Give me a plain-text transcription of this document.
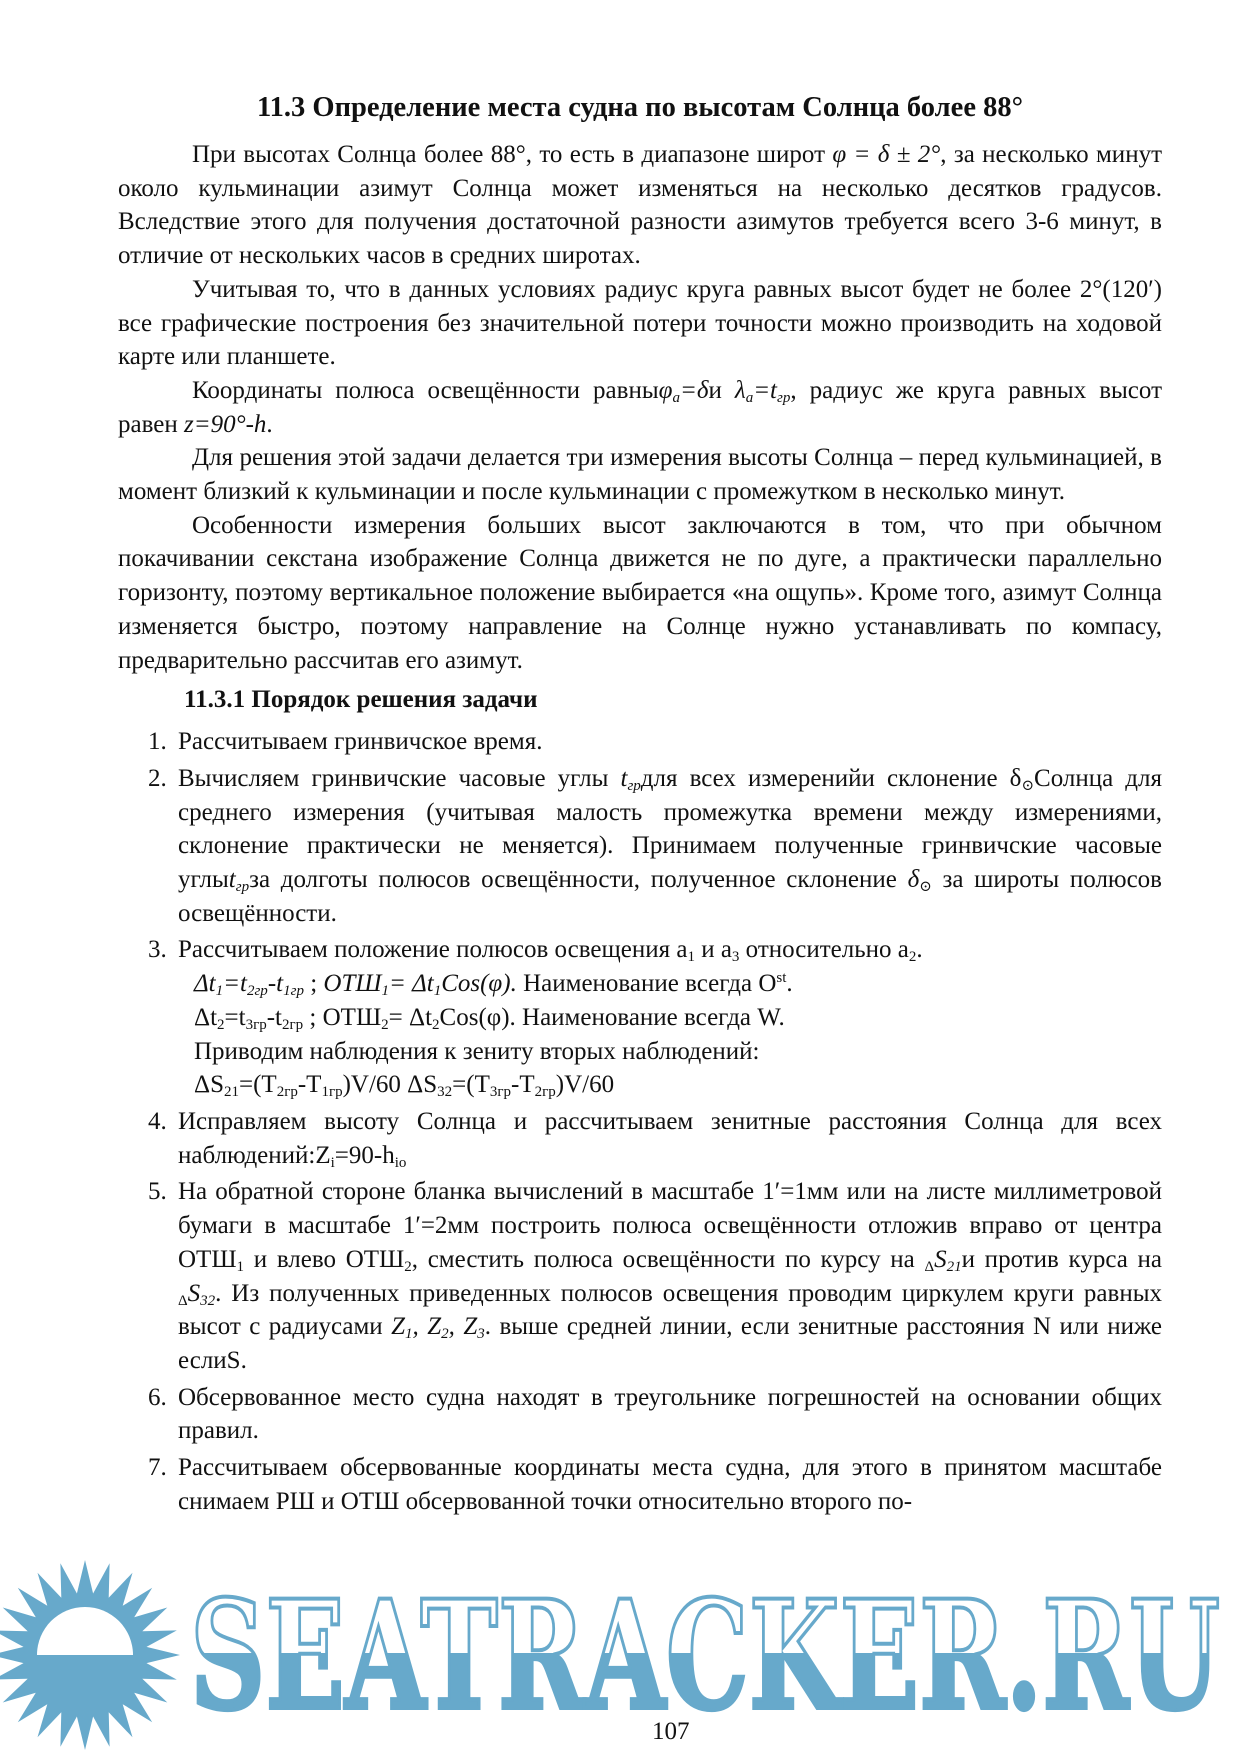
11.3 Определение места судна по высотам Солнца более 88°

При высотах Солнца более 88°, то есть в диапазоне широт φ = δ ± 2°, за несколько минут около кульминации азимут Солнца может изменяться на несколько десятков градусов. Вследствие этого для получения достаточной разности азимутов требуется всего 3-6 минут, в отличие от нескольких часов в средних широтах.

Учитывая то, что в данных условиях радиус круга равных высот будет не более 2°(120′) все графические построения без значительной потери точности можно производить на ходовой карте или планшете.

Координаты полюса освещённости равныφ$_a$=δи $\lambda_a=t_{гр}$, радиус же круга равных высот равен z=90°-h.

Для решения этой задачи делается три измерения высоты Солнца – перед кульминацией, в момент близкий к кульминации и после кульминации с промежутком в несколько минут.

Особенности измерения больших высот заключаются в том, что при обычном покачивании секстана изображение Солнца движется не по дуге, а практически параллельно горизонту, поэтому вертикальное положение выбирается «на ощупь». Кроме того, азимут Солнца изменяется быстро, поэтому направление на Солнце нужно устанавливать по компасу, предварительно рассчитав его азимут.

11.3.1 Порядок решения задачи
1. Рассчитываем гринвичское время.
2. Вычисляем гринвичские часовые углы $t_{гр}для$ всех измеренийи склонение $\delta_⊙Солнца$ для среднего измерения (учитывая малость промежутка времени между измерениями, склонение практически не меняется). Принимаем полученные гринвичские часовые углыt$_{гр}$за долготы полюсов освещённости, полученное склонение $\delta_⊙$ за широты полюсов освещённости.
3. Рассчитываем положение полюсов освещения $a_1$ и $a_3$ относительно $a_2$.
$\Delta t_1=t_{2гр}-t_{1гр}$ ; $ОТШ_1= \Delta t_1Cos(\varphi)$. Наименование всегда $O^{st}$.
$\Delta t_2=t_{3гр}-t_{2гр}$ ; $ОТШ_2= \Delta t_2Cos(\varphi)$. Наименование всегда W.
Приводим наблюдения к зениту вторых наблюдений:
$\Delta S_{21}=(T_{2гр}-T_{1гр})V/60$ $\Delta S_{32}=(T_{3гр}-T_{2гр})V/60$
4. Исправляем высоту Солнца и рассчитываем зенитные расстояния Солнца для всех $наблюдений:Z_i=90-h_{io}$
5. На обратной стороне бланка вычислений в масштабе 1′=1мм или на листе миллиметровой бумаги в масштабе 1′=2мм построить полюса освещённости отложив вправо от центра $ОТШ_1$ и влево $ОТШ_2$, сместить полюса освещённости по курсу на $_\Delta S_{21}и$ против курса на $_\Delta S_{32}$. Из полученных приведенных полюсов освещения проводим циркулем круги равных высот с радиусами $Z_1$, $Z_2$, $Z_3$. выше средней линии, если зенитные расстояния N или ниже еслиS.
6. Обсервованное место судна находят в треугольнике погрешностей на основании общих правил.
7. Рассчитываем обсервованные координаты места судна, для этого в принятом масштабе снимаем РШ и ОТШ обсервованной точки относительно второго по-
SEATRACKER.RU
107
